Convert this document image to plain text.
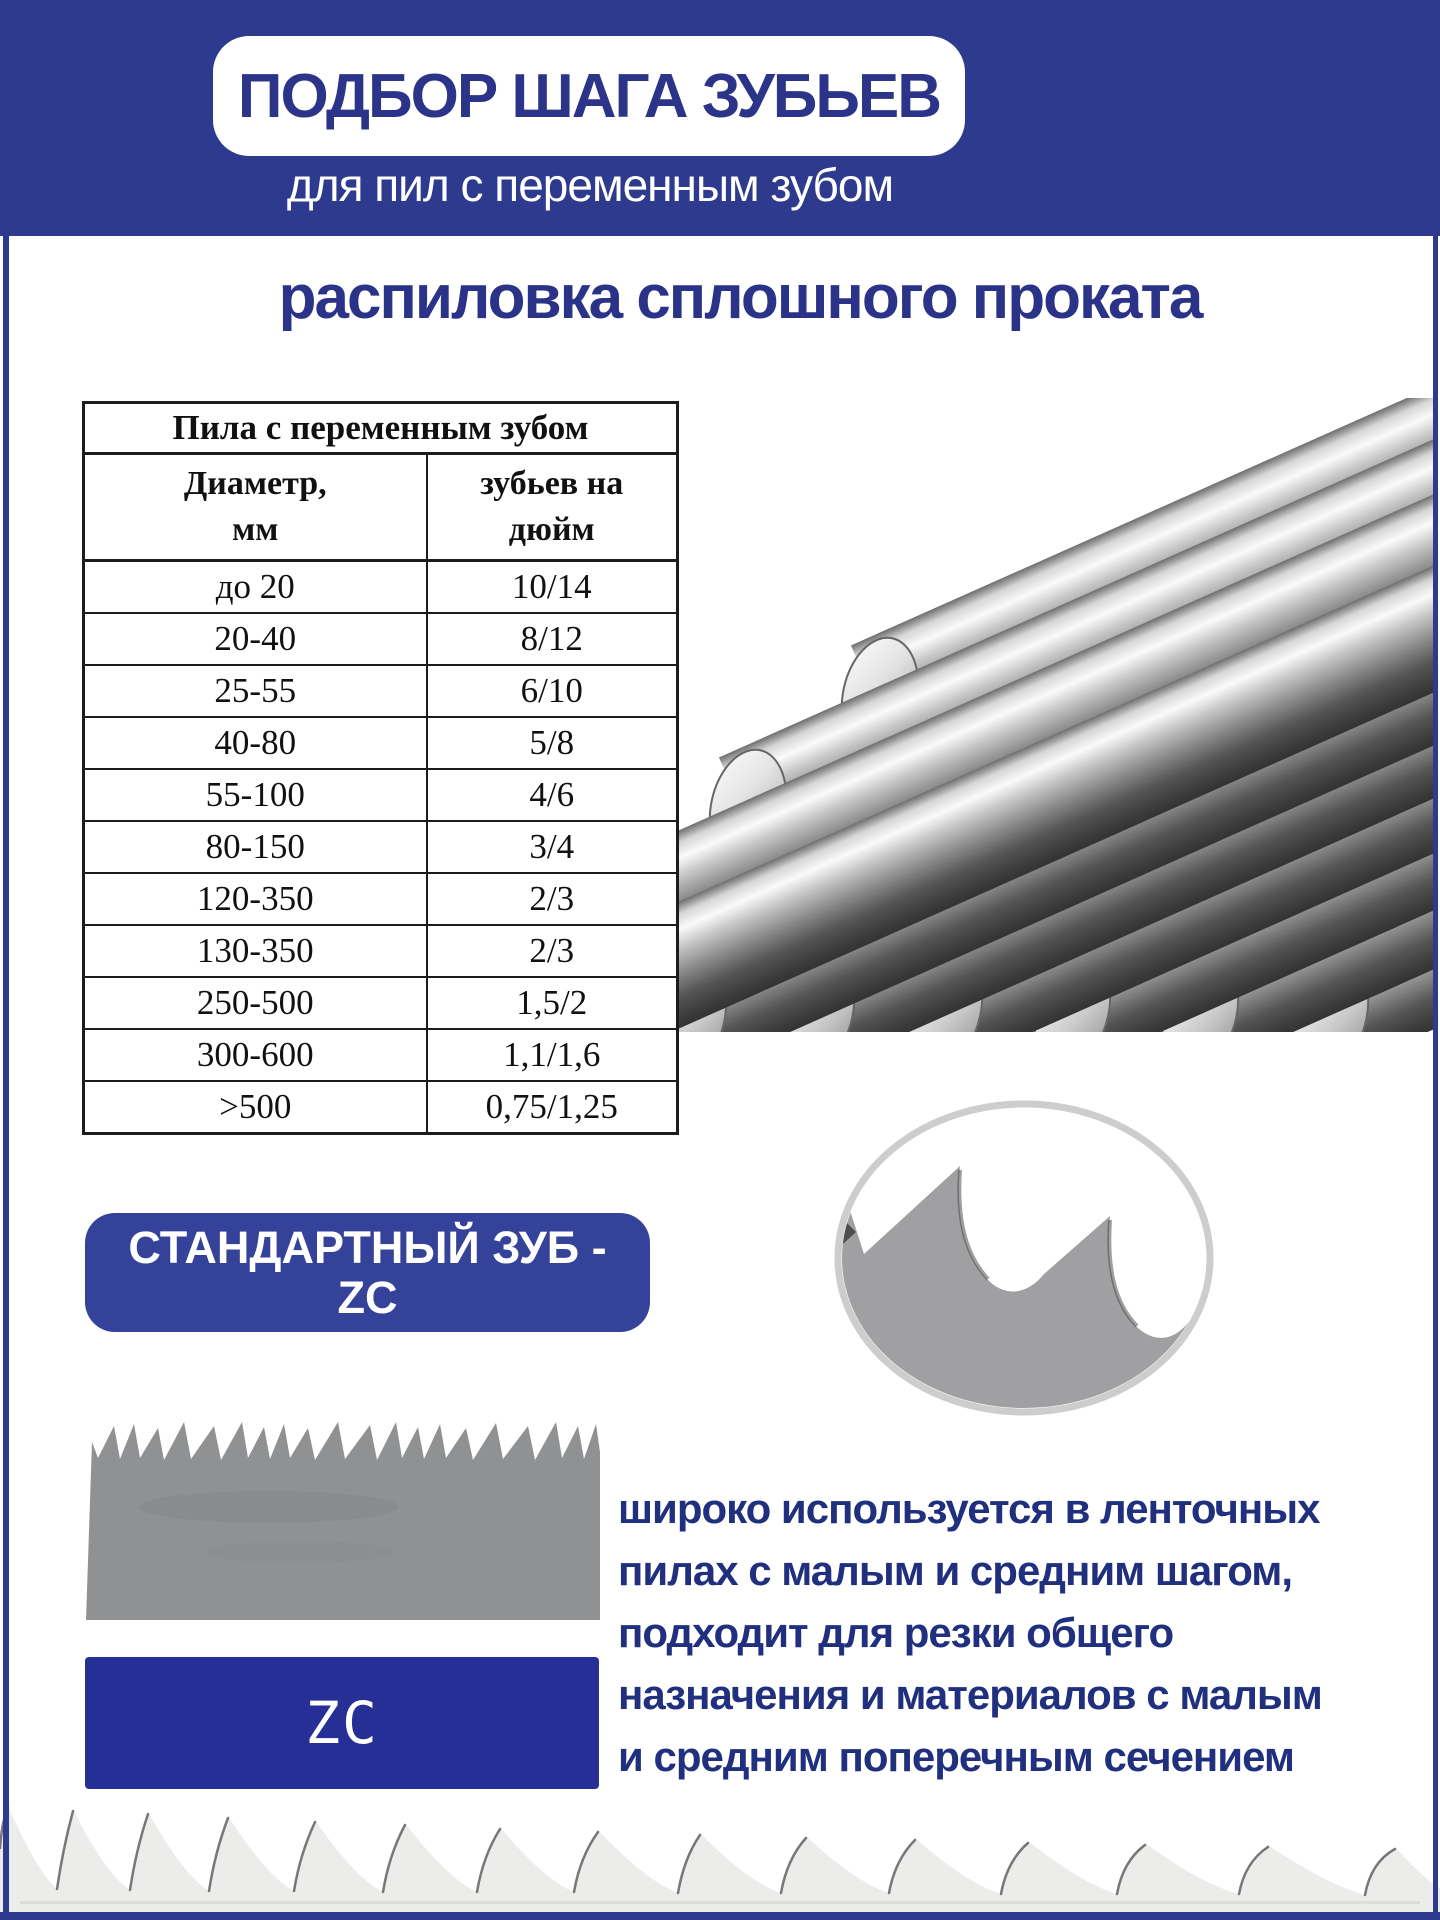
ПОДБОР ШАГА ЗУБЬЕВ
для пил с переменным зубом
распиловка сплошного проката
Пила с переменным зубом	

Диаметр,
мм

зубьев на
дюйм

до 20	10/14
20-40	8/12
25-55	6/10
40-80	5/8
55-100	4/6
80-150	3/4
120-350	2/3
130-350	2/3
250-500	1,5/2
300-600	1,1/1,6
>500	0,75/1,25
СТАНДАРТНЫЙ ЗУБ -
ZC
ZC
широко используется в ленточных
пилах с малым и средним шагом,
подходит для резки общего
назначения и материалов с малым
и средним поперечным сечением
